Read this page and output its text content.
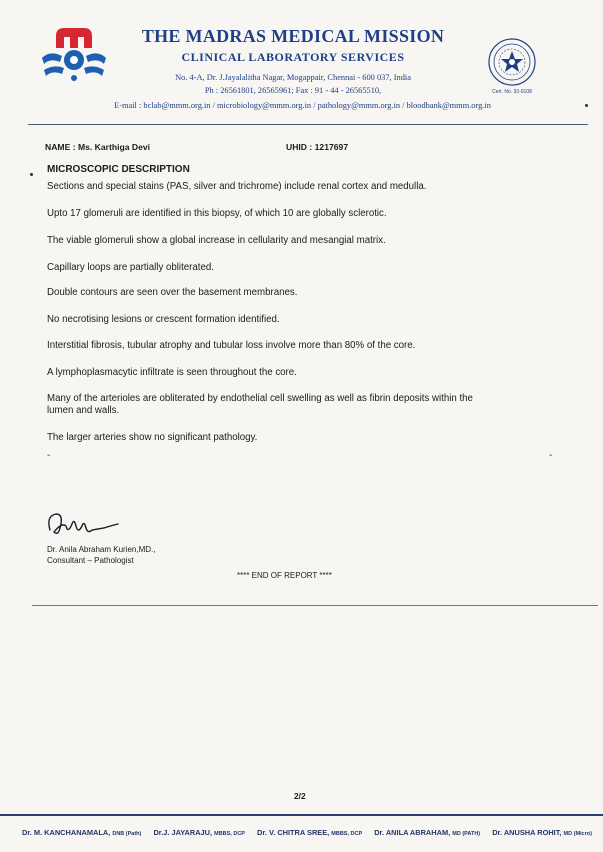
THE MADRAS MEDICAL MISSION
CLINICAL LABORATORY SERVICES
No. 4-A, Dr. J.Jayalalitha Nagar, Mogappair, Chennai - 600 037, India
Ph : 26561801, 26565961; Fax : 91 - 44 - 26565510,
E-mail : bclab@mmm.org.in / microbiology@mmm.org.in / pathology@mmm.org.in / bloodbank@mmm.org.in
Cert. No. 33-0108
NAME : Ms. Karthiga Devi	UHID : 1217697
MICROSCOPIC DESCRIPTION
Sections and special stains (PAS, silver and trichrome) include renal cortex and medulla.
Upto 17 glomeruli are identified in this biopsy, of which 10 are globally sclerotic.
The viable glomeruli show a global increase in cellularity and mesangial matrix.
Capillary loops are partially obliterated.
Double contours are seen over the basement membranes.
No necrotising lesions or crescent formation identified.
Interstitial fibrosis, tubular atrophy and tubular loss involve more than 80% of the core.
A lymphoplasmacytic infiltrate is seen throughout the core.
Many of the arterioles are obliterated by endothelial cell swelling as well as fibrin deposits within the
lumen and walls.
The larger arteries show no significant pathology.
-	-
Dr. Anila Abraham Kurien,MD.,
Consultant – Pathologist
**** END OF REPORT ****
2/2
Dr. M. KANCHANAMALA, DNB (Path) Dr.J. JAYARAJU, MBBS, DCP Dr. V. CHITRA SREE, MBBS, DCP Dr. ANILA ABRAHAM, MD (PATH) Dr. ANUSHA ROHIT, MD (Micro)
